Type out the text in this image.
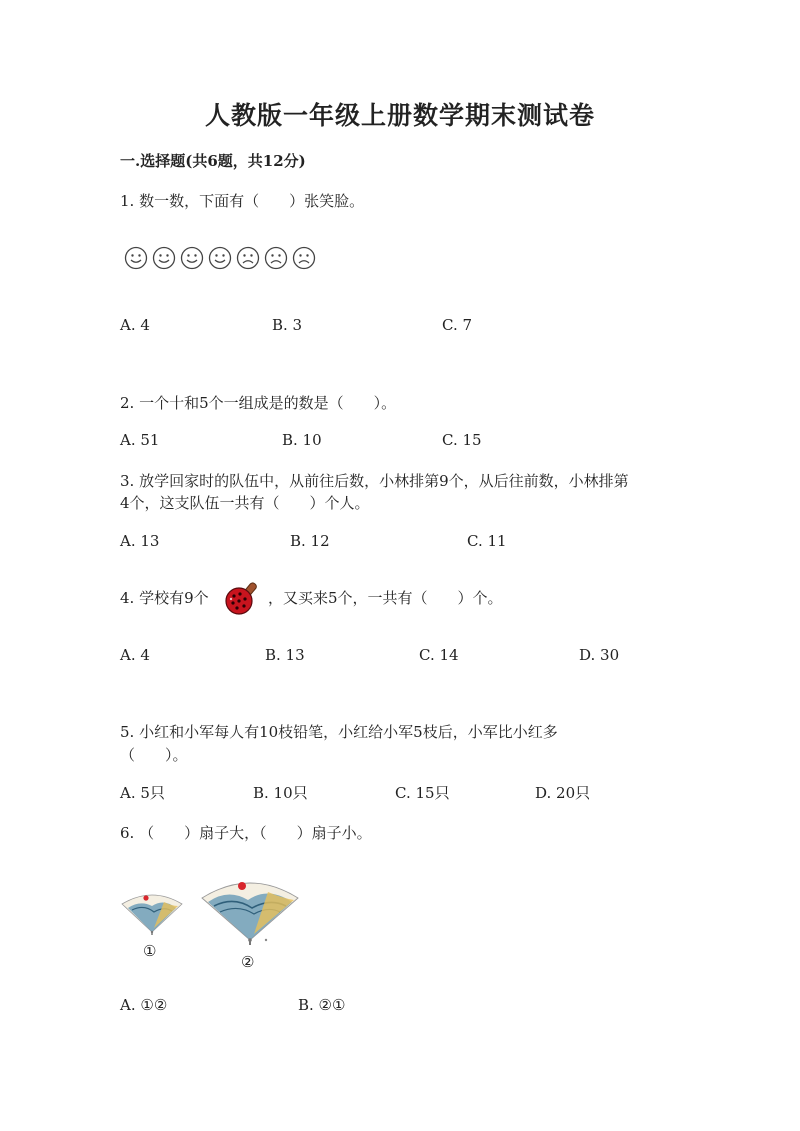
人教版一年级上册数学期末测试卷
一.选择题(共6题，共12分)
1. 数一数，下面有（　　）张笑脸。
A. 4	B. 3	C. 7
2. 一个十和5个一组成是的数是（　　）。
A. 51	B. 10	C. 15
3. 放学回家时的队伍中，从前往后数，小林排第9个，从后往前数，小林排第
4个，这支队伍一共有（　　）个人。
A. 13	B. 12	C. 11
4. 学校有9个	，又买来5个，一共有（　　）个。
A. 4	B. 13	C. 14	D. 30
5. 小红和小军每人有10枝铅笔，小红给小军5枝后，小军比小红多
（　　）。
A. 5只	B. 10只	C. 15只	D. 20只
6. （　　）扇子大，（　　）扇子小。
①
②
A. ①②	B. ②①
